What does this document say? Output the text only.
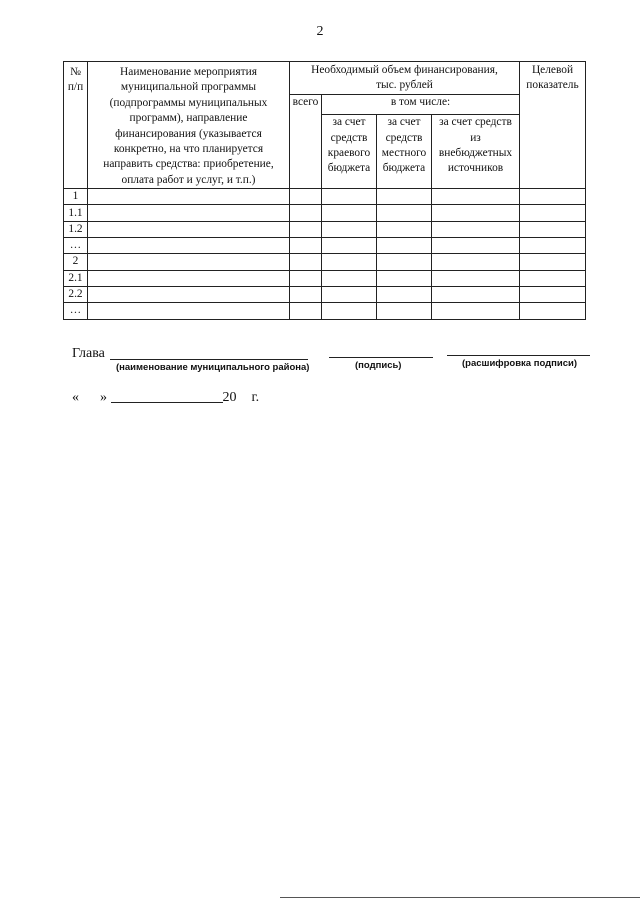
2
№ п/п	Наименование мероприятия муниципальной программы (подпрограммы муниципальных программ), направление финансирования (указывается конкретно, на что планируется направить средства: приобретение, оплата работ и услуг, и т.п.)	Необходимый объем финансирования, тыс. рублей				Целевой показатель
		всего	в том числе:			
			за счет средств краевого бюджета	за счет средств местного бюджета	за счет средств из внебюджетных источников	
1						
1.1						
1.2						
…						
2						
2.1						
2.2						
…						
Глава
(наименование муниципального района)	(подпись)	(расшифровка подписи)
« »	20 г.
